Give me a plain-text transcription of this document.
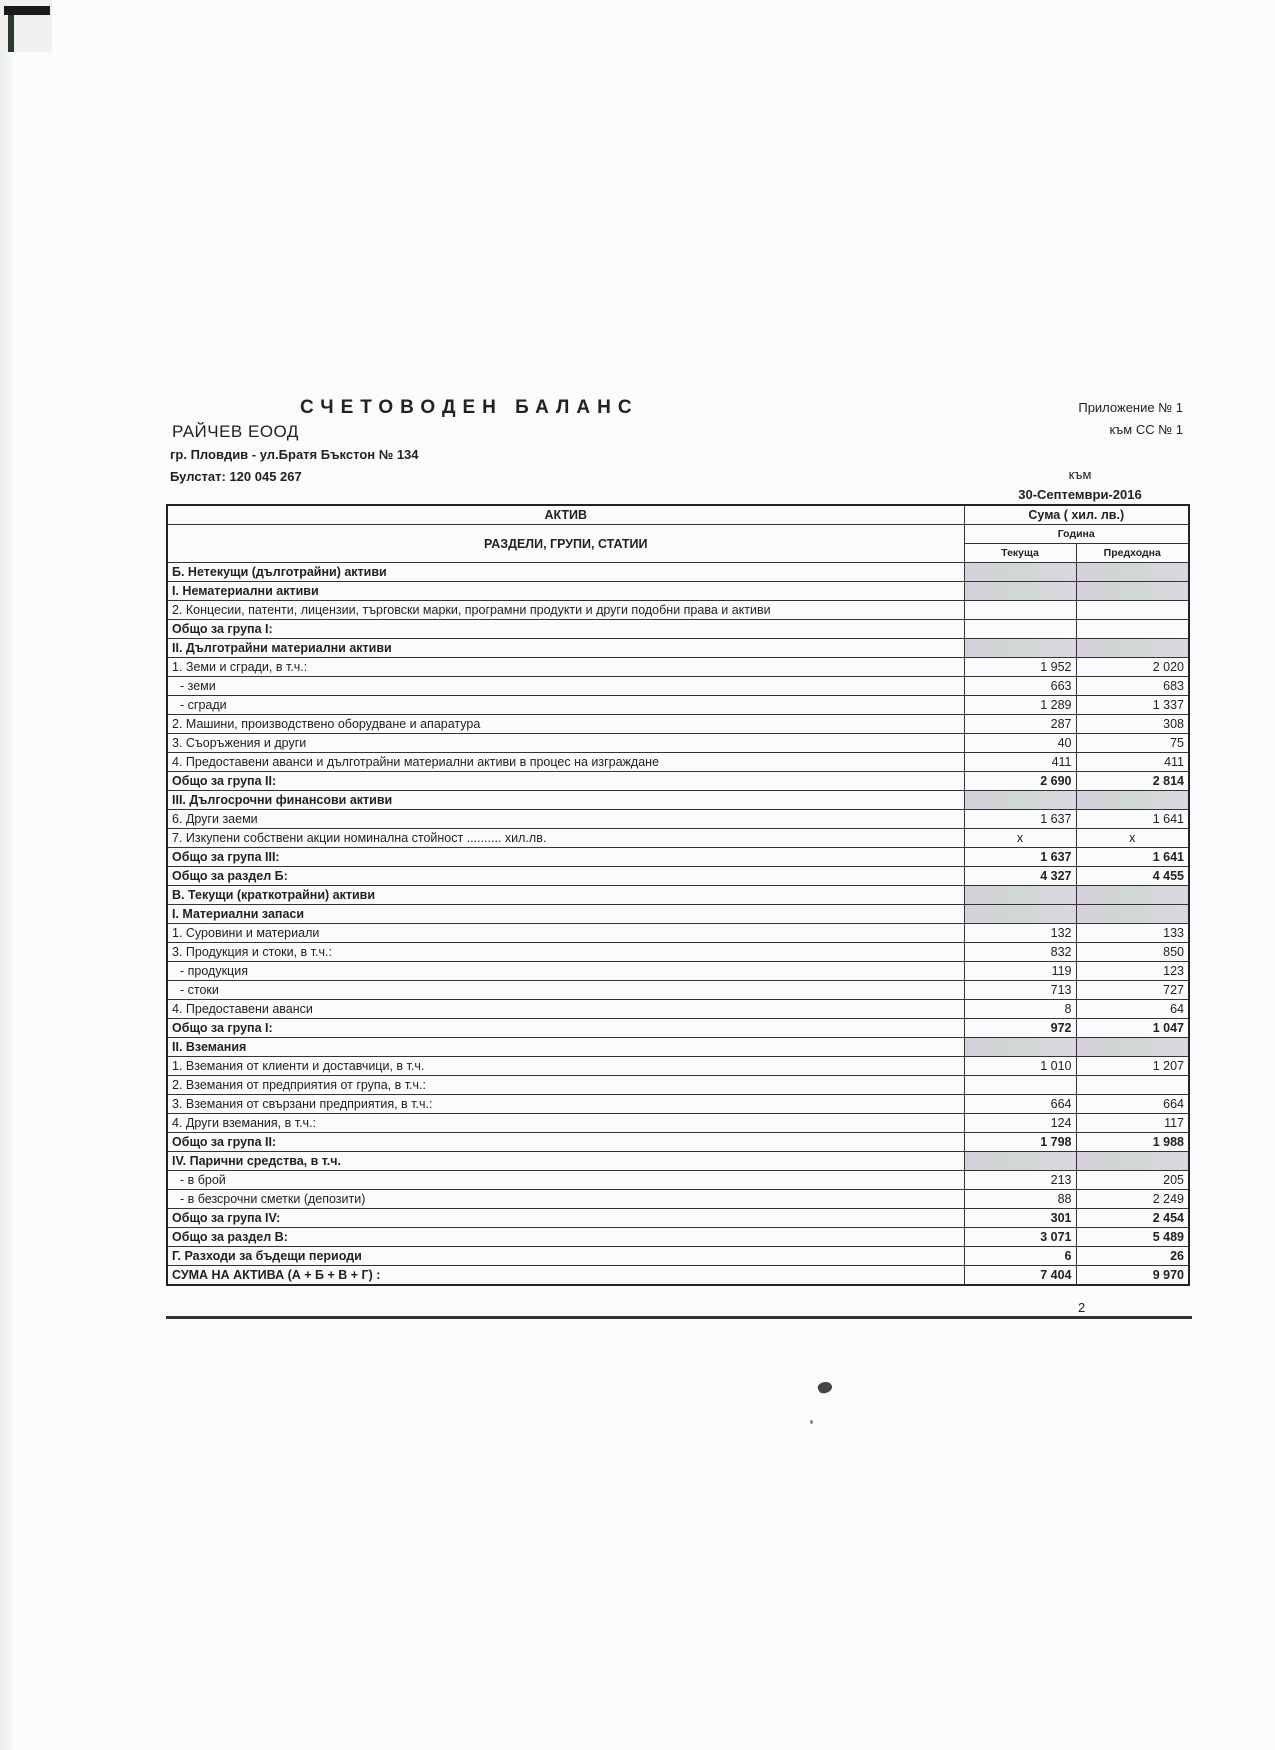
СЧЕТОВОДЕН БАЛАНС
РАЙЧЕВ ЕООД
гр. Пловдив - ул.Братя Бъкстон № 134
Булстат: 120 045 267
Приложение № 1
към СС № 1
към
30-Септември-2016
АКТИВ	Сума ( хил. лв.)	
РАЗДЕЛИ, ГРУПИ, СТАТИИ	Година	
	Текуща	Предходна
Б. Нетекущи (дълготрайни) активи		
I. Нематериални активи		
2. Концесии, патенти, лицензии, търговски марки, програмни продукти и други подобни права и активи		
Общо за група I:		
II. Дълготрайни материални активи		
1. Земи и сгради, в т.ч.:	1 952	2 020
- земи	663	683
- сгради	1 289	1 337
2. Машини, производствено оборудване и апаратура	287	308
3. Съоръжения и други	40	75
4. Предоставени аванси и дълготрайни материални активи в процес на изграждане	411	411
Общо за група II:	2 690	2 814
III. Дългосрочни финансови активи		
6. Други заеми	1 637	1 641
7. Изкупени собствени акции номинална стойност .......... хил.лв.	x	x
Общо за група III:	1 637	1 641
Общо за раздел Б:	4 327	4 455
В. Текущи (краткотрайни) активи		
I. Материални запаси		
1. Суровини и материали	132	133
3. Продукция и стоки, в т.ч.:	832	850
- продукция	119	123
- стоки	713	727
4. Предоставени аванси	8	64
Общо за група I:	972	1 047
II. Вземания		
1. Вземания от клиенти и доставчици, в т.ч.	1 010	1 207
2. Вземания от предприятия от група, в т.ч.:		
3. Вземания от свързани предприятия, в т.ч.:	664	664
4. Други вземания, в т.ч.:	124	117
Общо за група II:	1 798	1 988
IV. Парични средства, в т.ч.		
- в брой	213	205
- в безсрочни сметки (депозити)	88	2 249
Общо за група IV:	301	2 454
Общо за раздел В:	3 071	5 489
Г. Разходи за бъдещи периоди	6	26
СУМА НА АКТИВА (А + Б + В + Г) :	7 404	9 970
2
